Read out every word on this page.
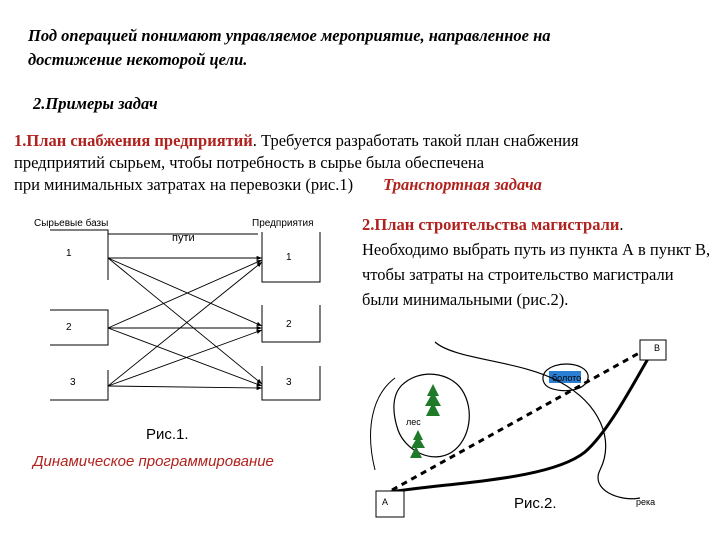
Под операцией понимают управляемое мероприятие, направленное на
достижение некоторой цели.
2.Примеры задач
1.План снабжения предприятий. Требуется разработать такой план снабжения
предприятий сырьем, чтобы потребность в сырье была обеспечена
при минимальных затратах на перевозки (рис.1) Транспортная задача
2.План строительства магистрали.
Необходимо выбрать путь из пункта А в пункт В, чтобы затраты на строительство магистрали были минимальными (рис.2).
Сырьевые базы	Предприятия
пути
1
2
3
1
2
3
Рис.1.
Динамическое программирование
лес
болото
река
А
В
Рис.2.
